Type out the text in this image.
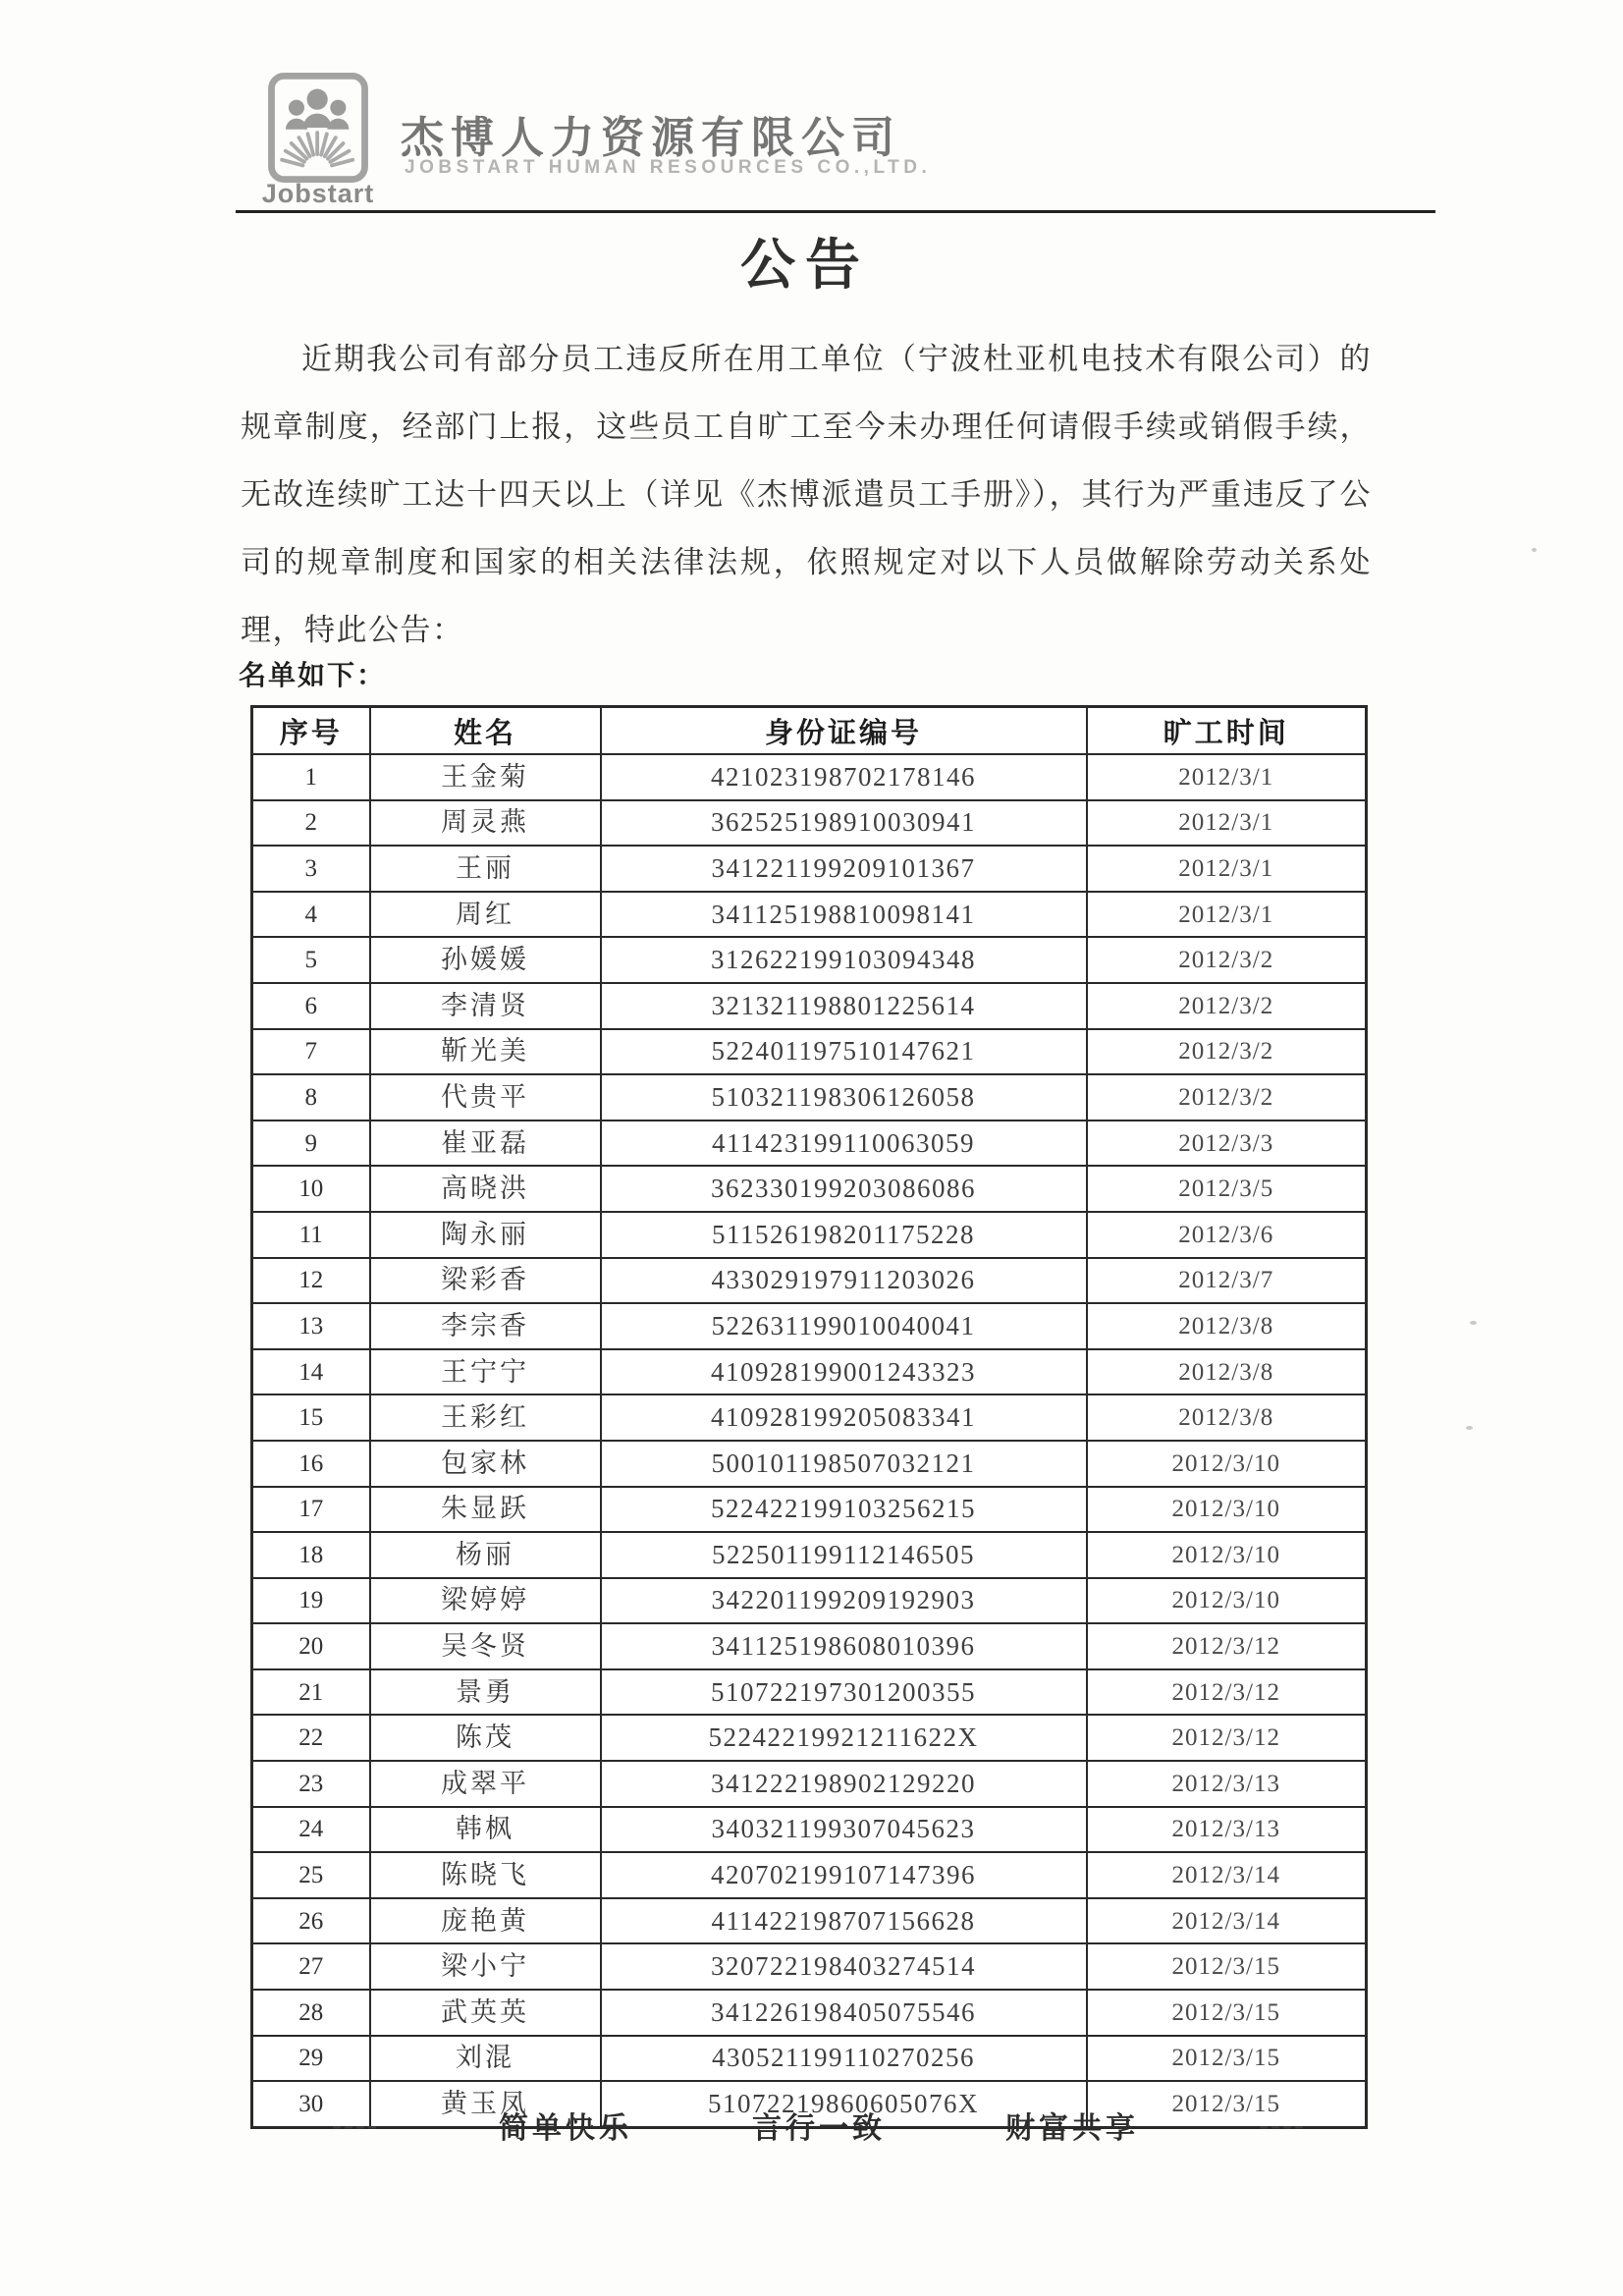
Jobstart
杰博人力资源有限公司
JOBSTART HUMAN RESOURCES CO.,LTD.
公告
近期我公司有部分员工违反所在用工单位（宁波杜亚机电技术有限公司）的规章制度，经部门上报，这些员工自旷工至今未办理任何请假手续或销假手续，无故连续旷工达十四天以上（详见《杰博派遣员工手册》），其行为严重违反了公司的规章制度和国家的相关法律法规，依照规定对以下人员做解除劳动关系处理，特此公告：
名单如下：
序号	姓名	身份证编号	旷工时间
1	王金菊	421023198702178146	2012/3/1
2	周灵燕	362525198910030941	2012/3/1
3	王丽	341221199209101367	2012/3/1
4	周红	341125198810098141	2012/3/1
5	孙媛媛	312622199103094348	2012/3/2
6	李清贤	321321198801225614	2012/3/2
7	靳光美	522401197510147621	2012/3/2
8	代贵平	510321198306126058	2012/3/2
9	崔亚磊	411423199110063059	2012/3/3
10	高晓洪	362330199203086086	2012/3/5
11	陶永丽	511526198201175228	2012/3/6
12	梁彩香	433029197911203026	2012/3/7
13	李宗香	522631199010040041	2012/3/8
14	王宁宁	410928199001243323	2012/3/8
15	王彩红	410928199205083341	2012/3/8
16	包家林	500101198507032121	2012/3/10
17	朱显跃	522422199103256215	2012/3/10
18	杨丽	522501199112146505	2012/3/10
19	梁婷婷	342201199209192903	2012/3/10
20	吴冬贤	341125198608010396	2012/3/12
21	景勇	510722197301200355	2012/3/12
22	陈茂	52242219921211622X	2012/3/12
23	成翠平	341222198902129220	2012/3/13
24	韩枫	340321199307045623	2012/3/13
25	陈晓飞	420702199107147396	2012/3/14
26	庞艳黄	411422198707156628	2012/3/14
27	梁小宁	320722198403274514	2012/3/15
28	武英英	341226198405075546	2012/3/15
29	刘混	430521199110270256	2012/3/15
30	黄玉凤	51072219860605076X	2012/3/15
----	简单快乐	言行一致	财富共享	----
